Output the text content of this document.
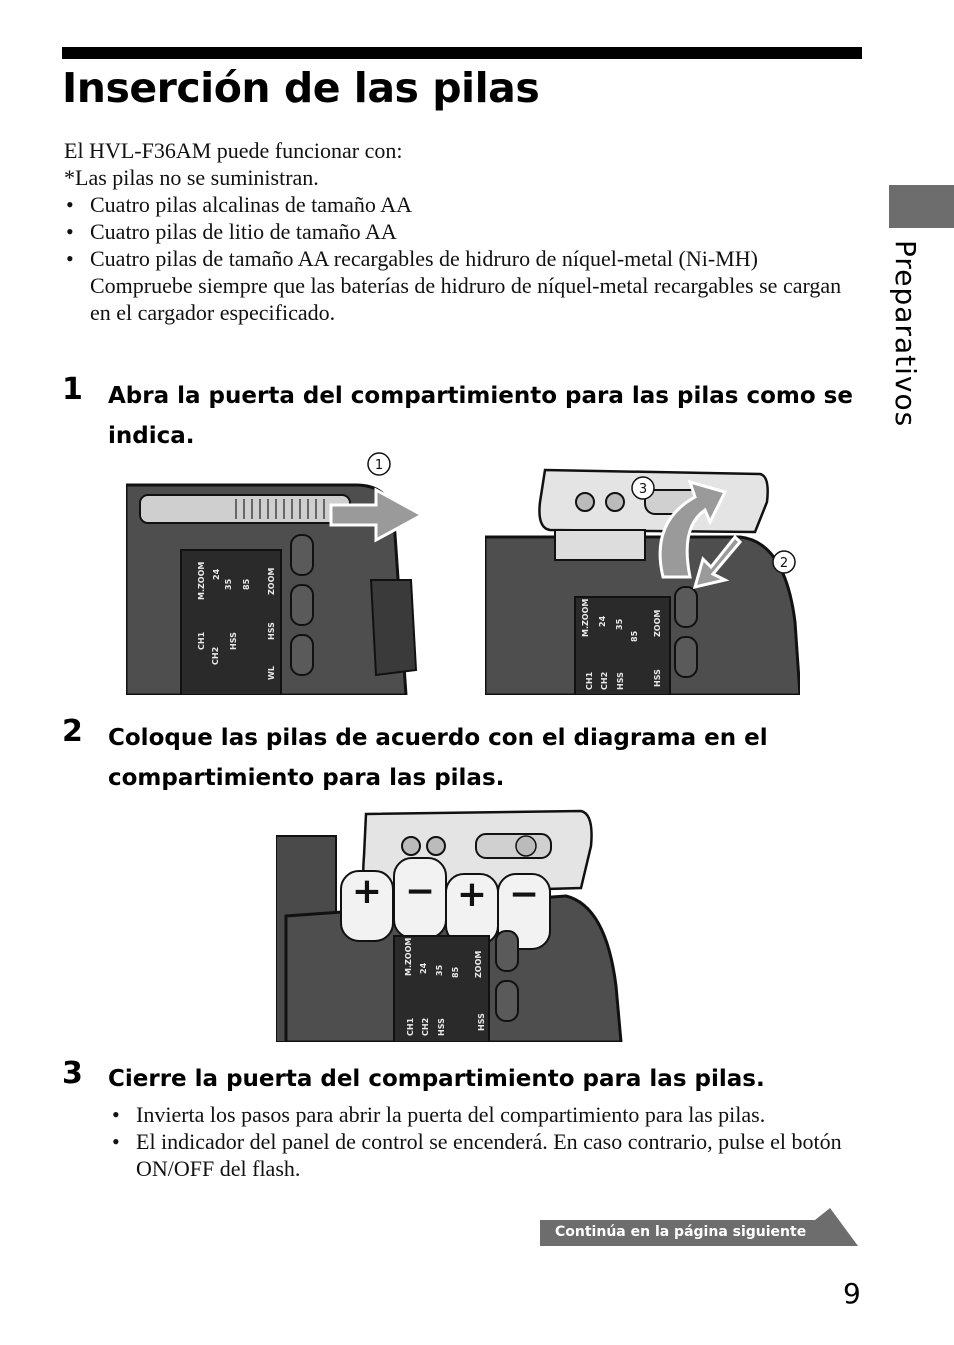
Inserción de las pilas
Preparativos

El HVL-F36AM puede funcionar con:

*Las pilas no se suministran.

• Cuatro pilas alcalinas de tamaño AA
• Cuatro pilas de litio de tamaño AA
• Cuatro pilas de tamaño AA recargables de hidruro de níquel-metal (Ni-MH)

Compruebe siempre que las baterías de hidruro de níquel-metal recargables se cargan en el cargador especificado.

1 Abra la puerta del compartimiento para las pilas como se indica.

M.ZOOM 24
35 85 ZOOM
CH1
CH2
HSS
HSS
WL
1
M.ZOOM 24 35
85 ZOOM
CH1 CH2 HSS	HSS
3
2
2 Coloque las pilas de acuerdo con el diagrama en el compartimiento para las pilas.

+ − + −
M.ZOOM 24 35 85 ZOOM
CH1 CH2 HSS	HSS
3 Cierre la puerta del compartimiento para las pilas.

• Invierta los pasos para abrir la puerta del compartimiento para las pilas.
• El indicador del panel de control se encenderá. En caso contrario, pulse el botón ON/OFF del flash.
Continúa en la página siguiente
9
